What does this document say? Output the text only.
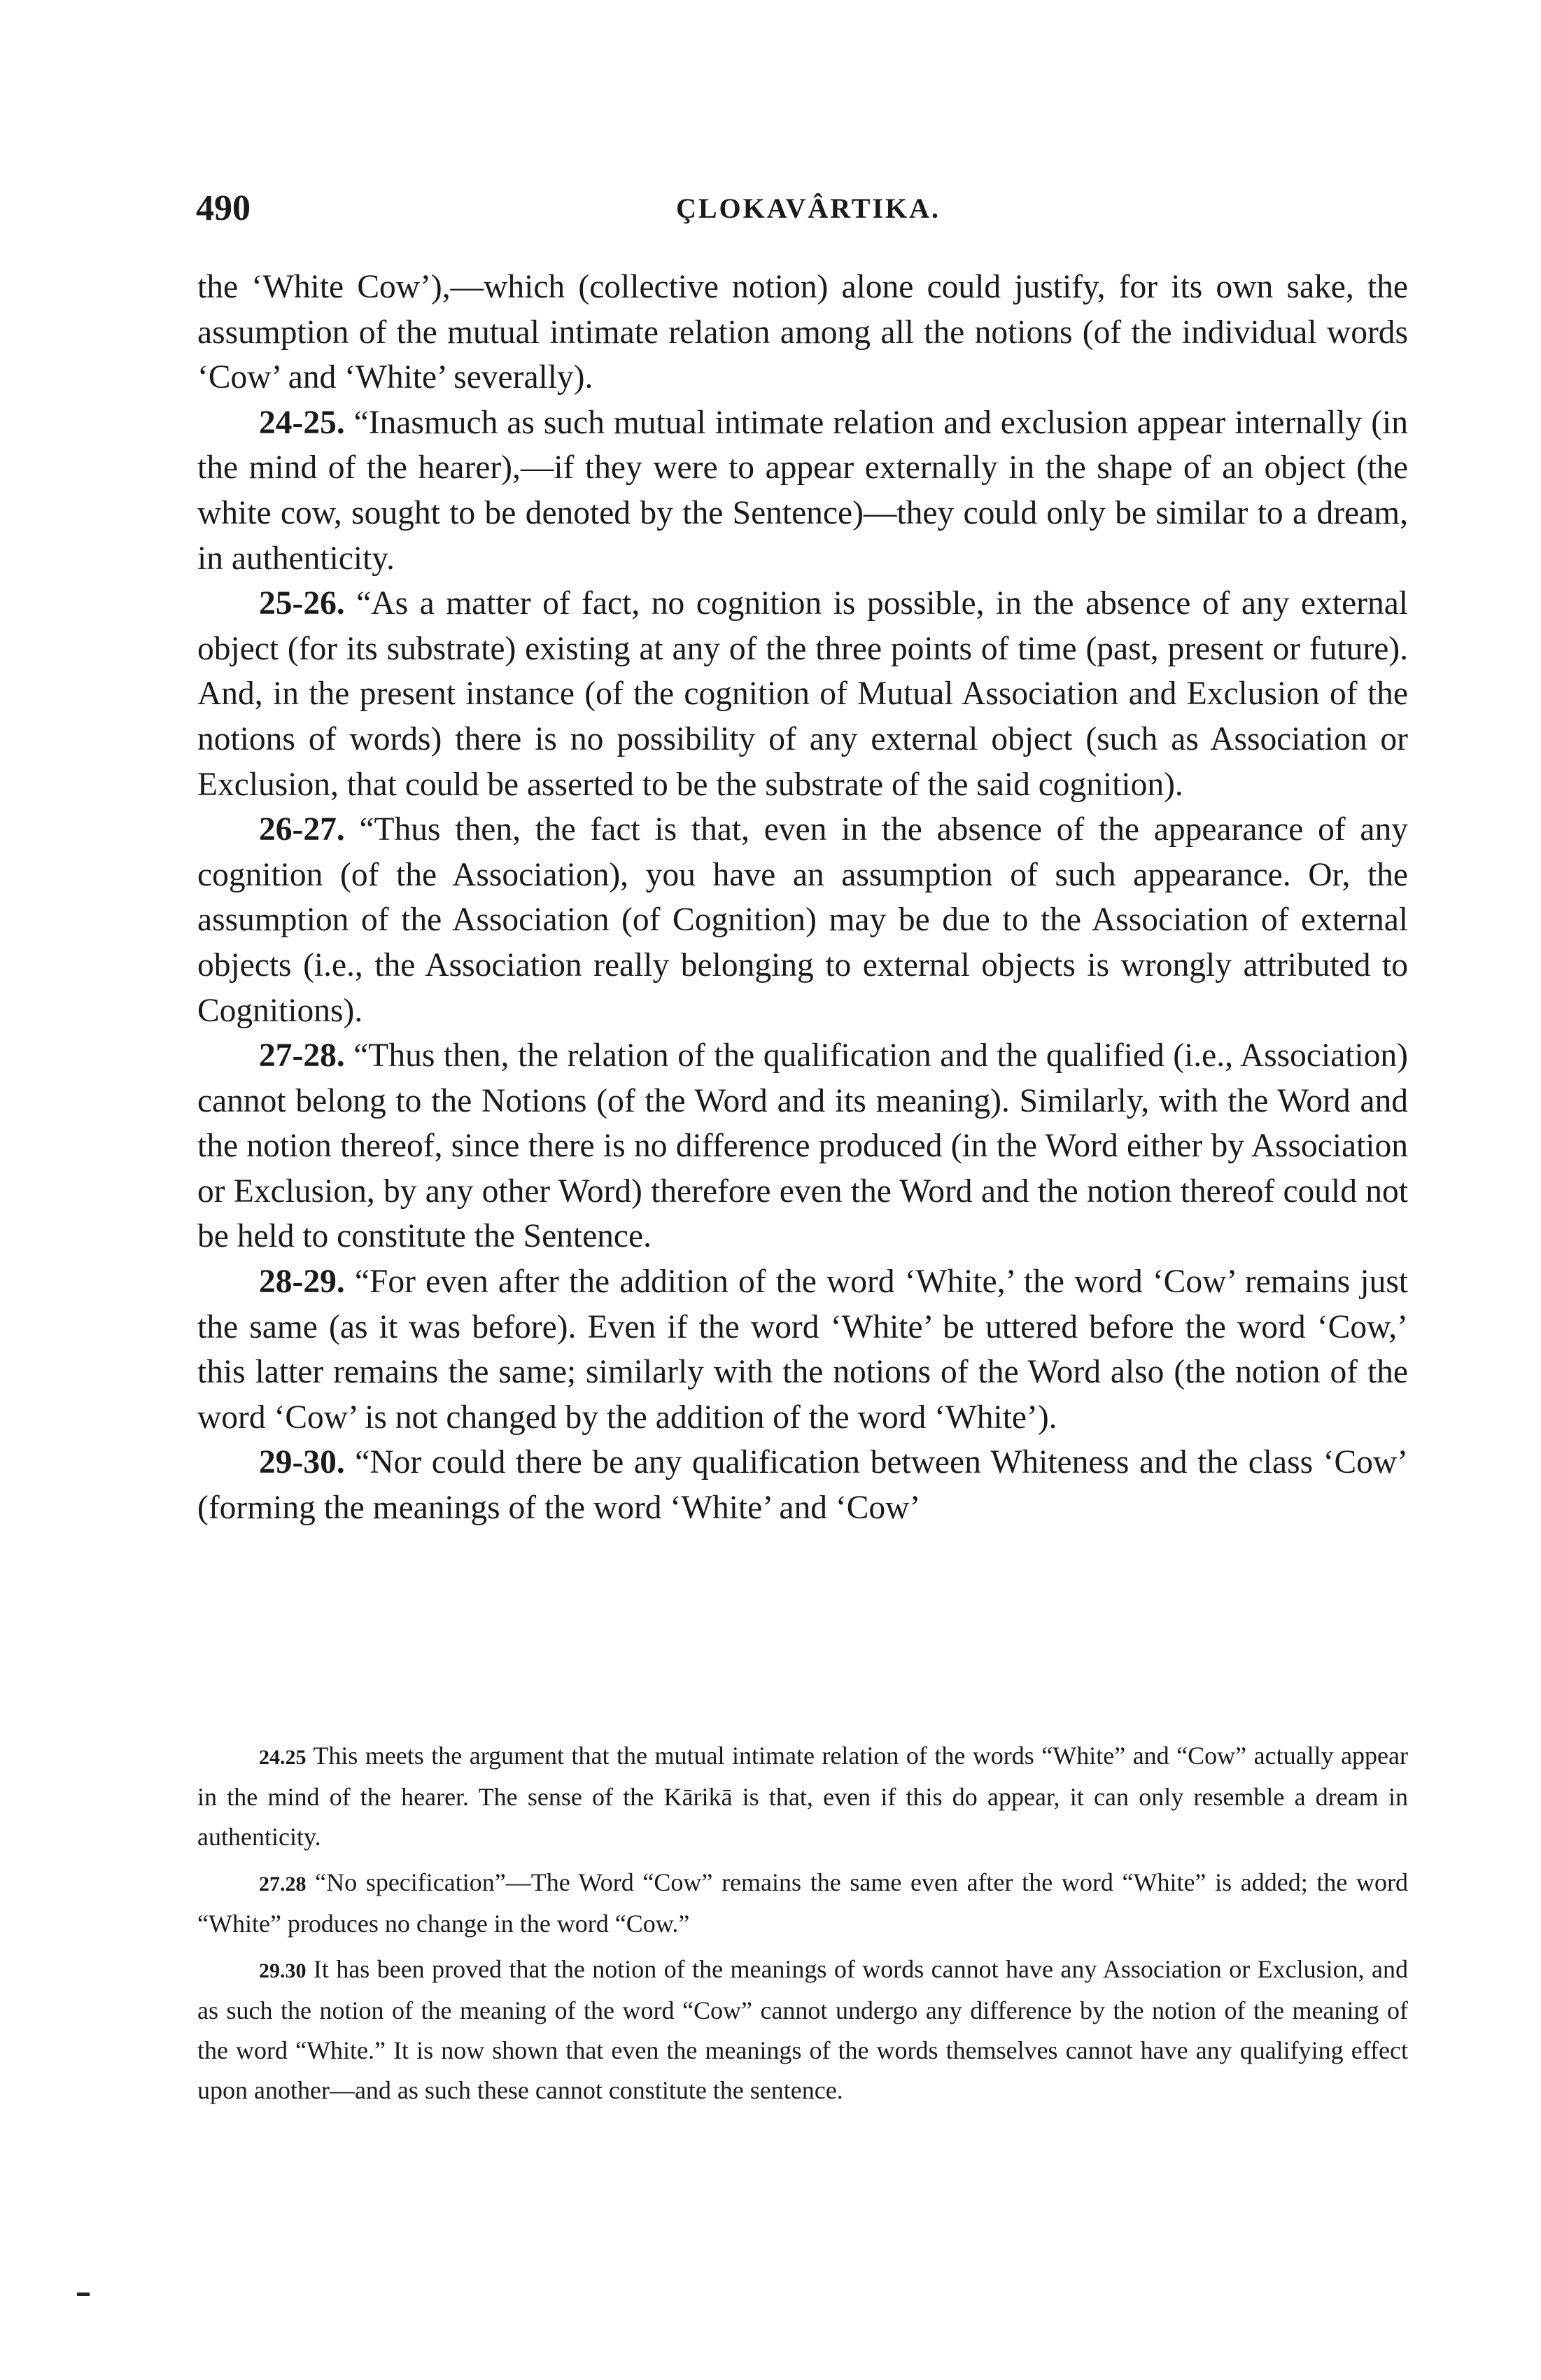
490	ÇLOKAVÂRTIKA.

the ‘White Cow’),—which (collective notion) alone could justify, for its own sake, the assumption of the mutual intimate relation among all the notions (of the individual words ‘Cow’ and ‘White’ severally).

24-25. “Inasmuch as such mutual intimate relation and exclusion appear internally (in the mind of the hearer),—if they were to appear externally in the shape of an object (the white cow, sought to be denoted by the Sentence)—they could only be similar to a dream, in authenticity.

25-26. “As a matter of fact, no cognition is possible, in the absence of any external object (for its substrate) existing at any of the three points of time (past, present or future). And, in the present instance (of the cognition of Mutual Association and Exclusion of the notions of words) there is no possibility of any external object (such as Association or Exclusion, that could be asserted to be the substrate of the said cognition).

26-27. “Thus then, the fact is that, even in the absence of the appearance of any cognition (of the Association), you have an assumption of such appearance. Or, the assumption of the Association (of Cognition) may be due to the Association of external objects (i.e., the Association really belonging to external objects is wrongly attributed to Cognitions).

27-28. “Thus then, the relation of the qualification and the qualified (i.e., Association) cannot belong to the Notions (of the Word and its meaning). Similarly, with the Word and the notion thereof, since there is no difference produced (in the Word either by Association or Exclusion, by any other Word) therefore even the Word and the notion thereof could not be held to constitute the Sentence.

28-29. “For even after the addition of the word ‘White,’ the word ‘Cow’ remains just the same (as it was before). Even if the word ‘White’ be uttered before the word ‘Cow,’ this latter remains the same; similarly with the notions of the Word also (the notion of the word ‘Cow’ is not changed by the addition of the word ‘White’).

29-30. “Nor could there be any qualification between Whiteness and the class ‘Cow’ (forming the meanings of the word ‘White’ and ‘Cow’

24.25 This meets the argument that the mutual intimate relation of the words “White” and “Cow” actually appear in the mind of the hearer. The sense of the Kārikā is that, even if this do appear, it can only resemble a dream in authenticity.

27.28 “No specification”—The Word “Cow” remains the same even after the word “White” is added; the word “White” produces no change in the word “Cow.”

29.30 It has been proved that the notion of the meanings of words cannot have any Association or Exclusion, and as such the notion of the meaning of the word “Cow” cannot undergo any difference by the notion of the meaning of the word “White.” It is now shown that even the meanings of the words themselves cannot have any qualifying effect upon another—and as such these cannot constitute the sentence.
